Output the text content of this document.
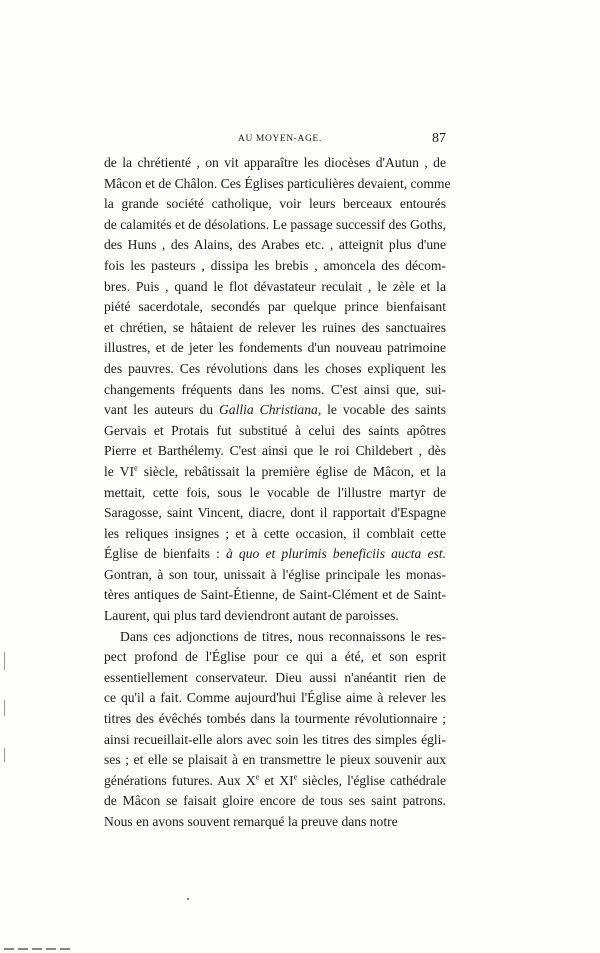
AU MOYEN-AGE.	87
de la chrétienté , on vit apparaître les diocèses d'Autun , de
Mâcon et de Châlon. Ces Églises particulières devaient, comme
la grande société catholique, voir leurs berceaux entourés
de calamités et de désolations. Le passage successif des Goths,
des Huns , des Alains, des Arabes etc. , atteignit plus d'une
fois les pasteurs , dissipa les brebis , amoncela des décom-
bres. Puis , quand le flot dévastateur reculait , le zèle et la
piété sacerdotale, secondés par quelque prince bienfaisant
et chrétien, se hâtaient de relever les ruines des sanctuaires
illustres, et de jeter les fondements d'un nouveau patrimoine
des pauvres. Ces révolutions dans les choses expliquent les
changements fréquents dans les noms. C'est ainsi que, sui-
vant les auteurs du Gallia Christiana, le vocable des saints
Gervais et Protais fut substitué à celui des saints apôtres
Pierre et Barthélemy. C'est ainsi que le roi Childebert , dès
le VIe siècle, rebâtissait la première église de Mâcon, et la
mettait, cette fois, sous le vocable de l'illustre martyr de
Saragosse, saint Vincent, diacre, dont il rapportait d'Espagne
les reliques insignes ; et à cette occasion, il comblait cette
Église de bienfaits : à quo et plurimis beneficiis aucta est.
Gontran, à son tour, unissait à l'église principale les monas-
tères antiques de Saint-Étienne, de Saint-Clément et de Saint-
Laurent, qui plus tard deviendront autant de paroisses.
Dans ces adjonctions de titres, nous reconnaissons le res-
pect profond de l'Église pour ce qui a été, et son esprit
essentiellement conservateur. Dieu aussi n'anéantit rien de
ce qu'il a fait. Comme aujourd'hui l'Église aime à relever les
titres des évêchés tombés dans la tourmente révolutionnaire ;
ainsi recueillait-elle alors avec soin les titres des simples égli-
ses ; et elle se plaisait à en transmettre le pieux souvenir aux
générations futures. Aux Xe et XIe siècles, l'église cathédrale
de Mâcon se faisait gloire encore de tous ses saint patrons.
Nous en avons souvent remarqué la preuve dans notre
